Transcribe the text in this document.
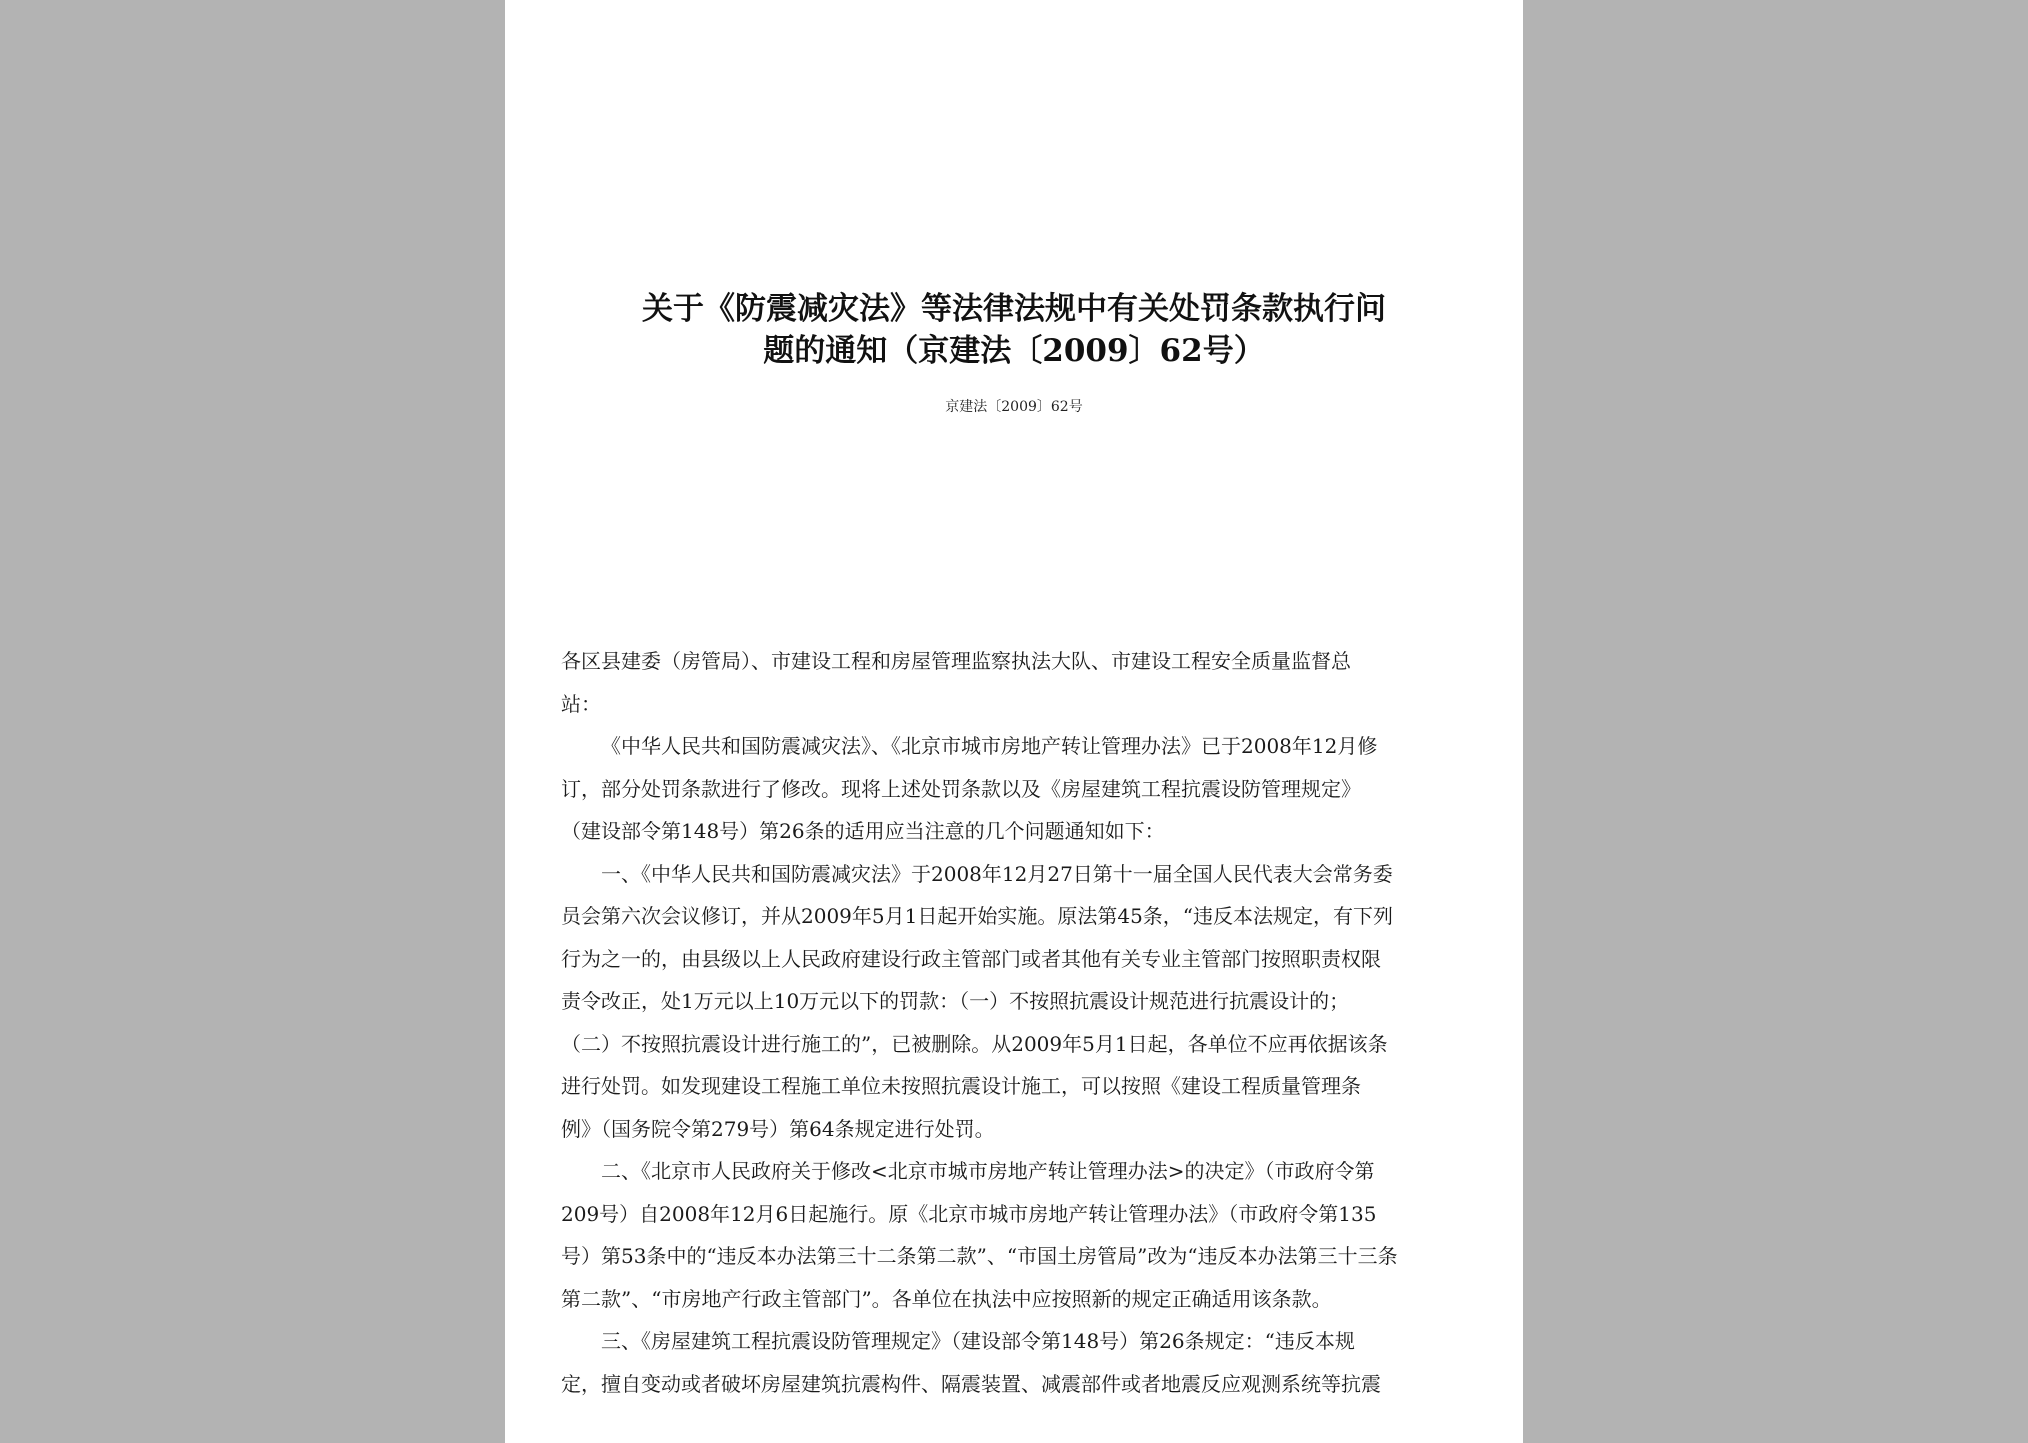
关于《防震减灾法》等法律法规中有关处罚条款执行问
题的通知（京建法〔2009〕62号）
京建法〔2009〕62号
各区县建委（房管局）、市建设工程和房屋管理监察执法大队、市建设工程安全质量监督总
站：
《中华人民共和国防震减灾法》、《北京市城市房地产转让管理办法》已于2008年12月修
订，部分处罚条款进行了修改。现将上述处罚条款以及《房屋建筑工程抗震设防管理规定》
（建设部令第148号）第26条的适用应当注意的几个问题通知如下：
一、《中华人民共和国防震减灾法》于2008年12月27日第十一届全国人民代表大会常务委
员会第六次会议修订，并从2009年5月1日起开始实施。原法第45条，“违反本法规定，有下列
行为之一的，由县级以上人民政府建设行政主管部门或者其他有关专业主管部门按照职责权限
责令改正，处1万元以上10万元以下的罚款：（一）不按照抗震设计规范进行抗震设计的；
（二）不按照抗震设计进行施工的”，已被删除。从2009年5月1日起，各单位不应再依据该条
进行处罚。如发现建设工程施工单位未按照抗震设计施工，可以按照《建设工程质量管理条
例》（国务院令第279号）第64条规定进行处罚。
二、《北京市人民政府关于修改<北京市城市房地产转让管理办法>的决定》（市政府令第
209号）自2008年12月6日起施行。原《北京市城市房地产转让管理办法》（市政府令第135
号）第53条中的“违反本办法第三十二条第二款”、“市国土房管局”改为“违反本办法第三十三条
第二款”、“市房地产行政主管部门”。各单位在执法中应按照新的规定正确适用该条款。
三、《房屋建筑工程抗震设防管理规定》（建设部令第148号）第26条规定：“违反本规
定，擅自变动或者破坏房屋建筑抗震构件、隔震装置、减震部件或者地震反应观测系统等抗震
